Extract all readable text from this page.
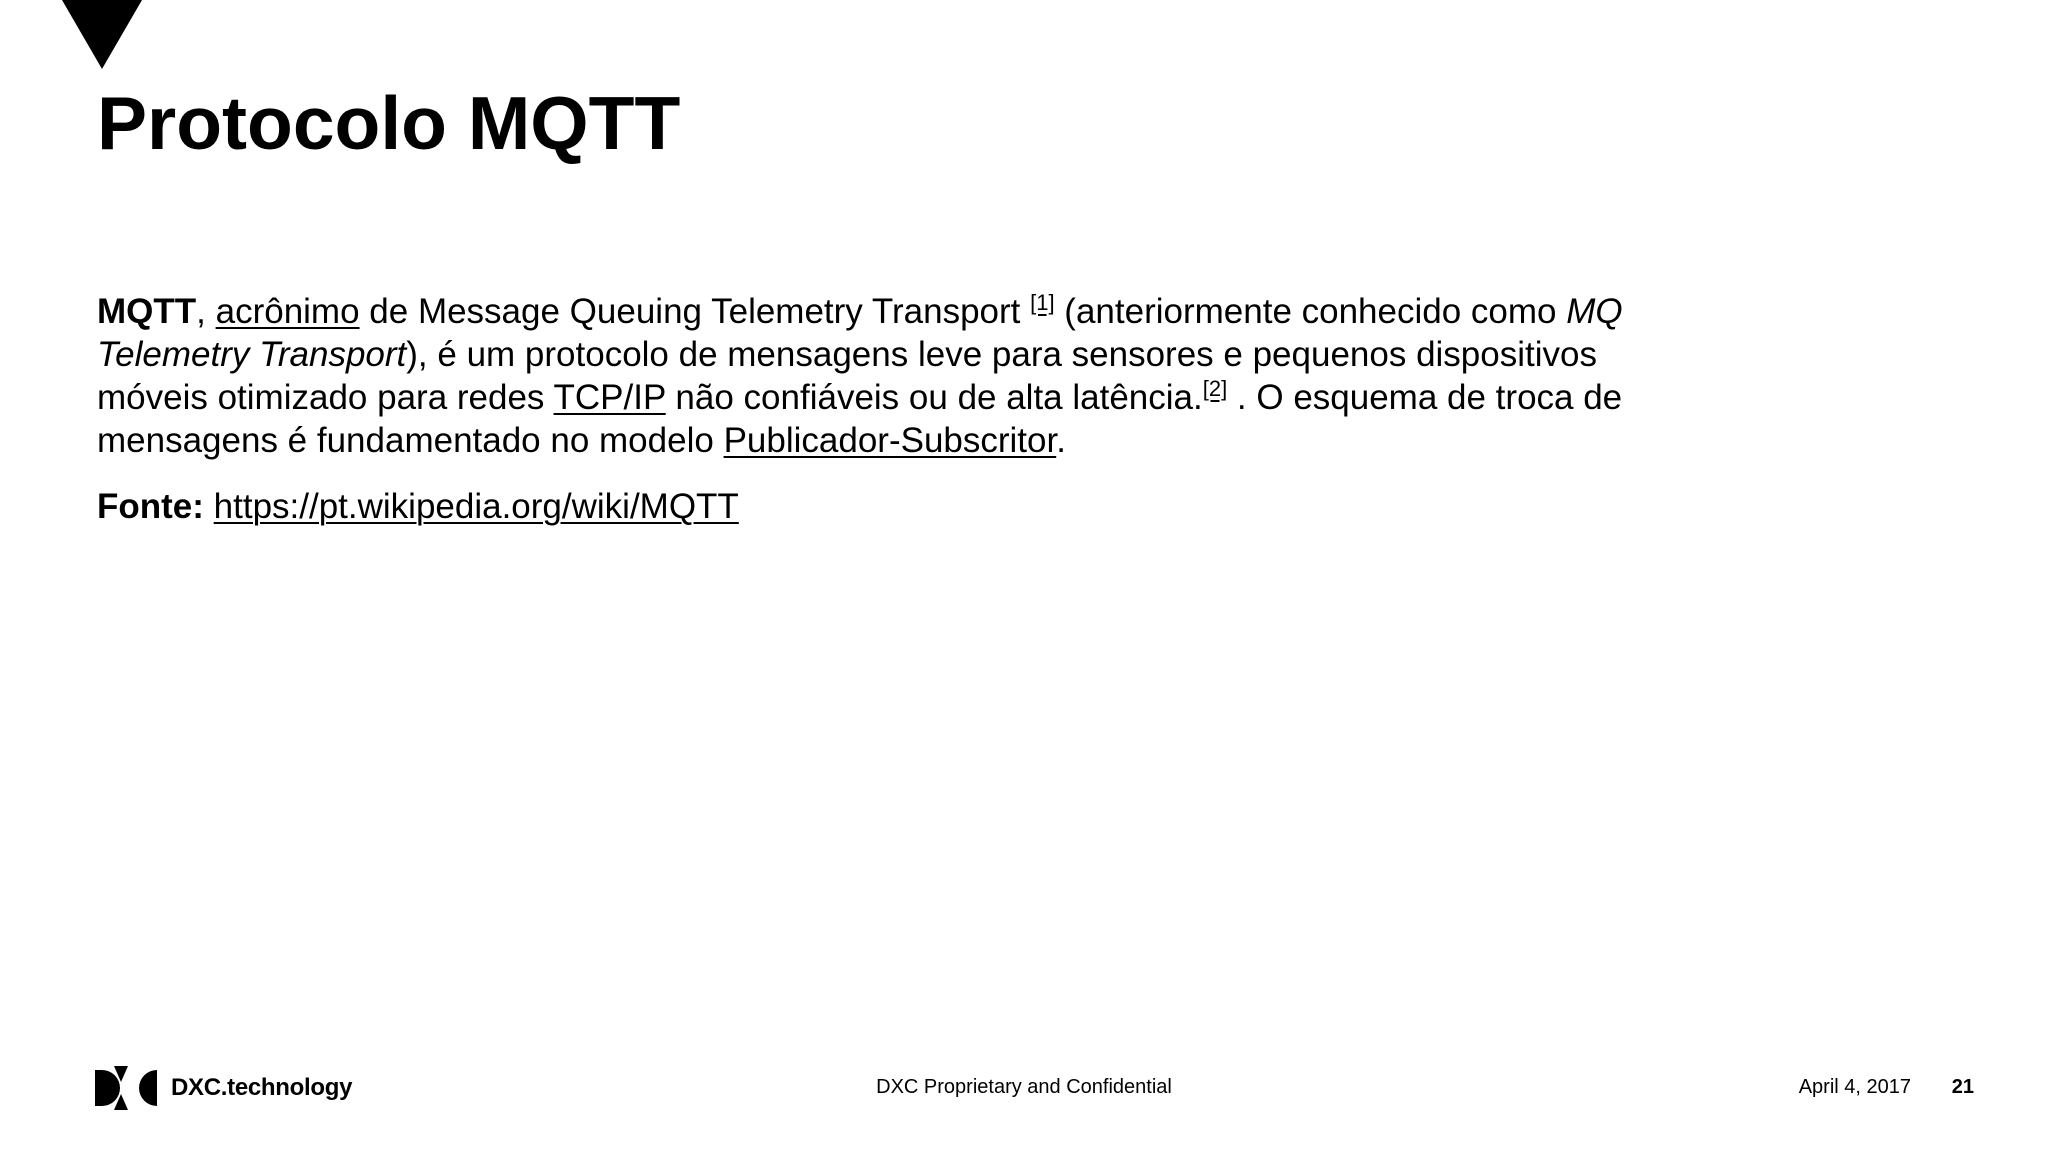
Protocolo MQTT

MQTT, acrônimo de Message Queuing Telemetry Transport [1] (anteriormente conhecido como MQ
Telemetry Transport), é um protocolo de mensagens leve para sensores e pequenos dispositivos
móveis otimizado para redes TCP/IP não confiáveis ou de alta latência.[2] . O esquema de troca de
mensagens é fundamentado no modelo Publicador-Subscritor.

Fonte: https://pt.wikipedia.org/wiki/MQTT

DXC.technology	DXC Proprietary and Confidential	April 4, 2017 21
